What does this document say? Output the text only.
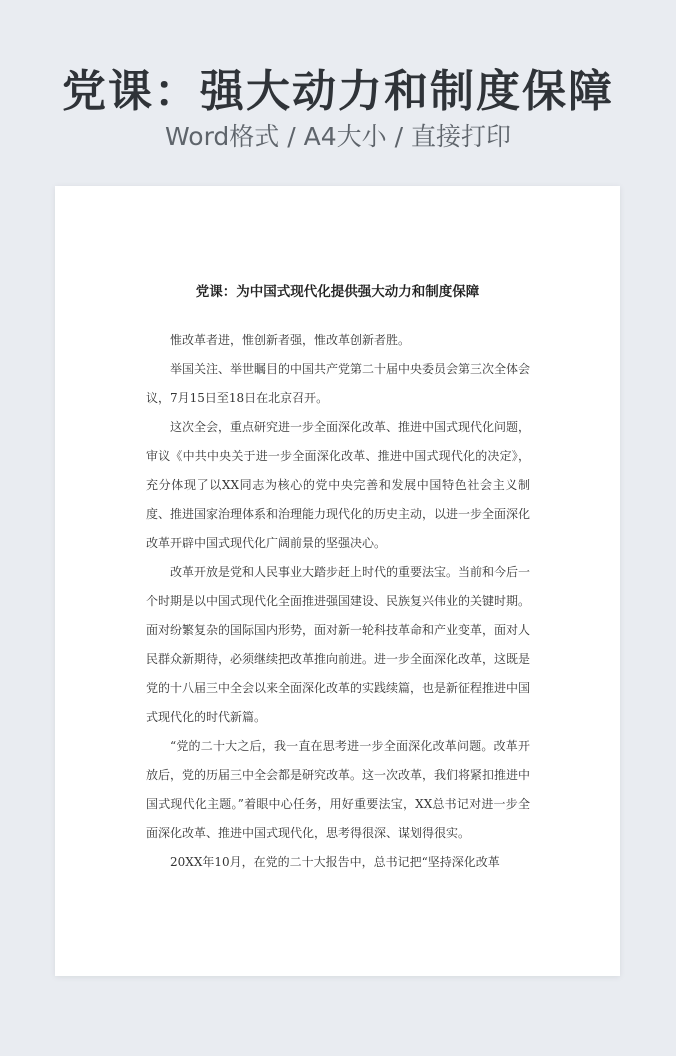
党课：强大动力和制度保障
Word格式 / A4大小 / 直接打印
党课：为中国式现代化提供强大动力和制度保障

惟改革者进，惟创新者强，惟改革创新者胜。

举国关注、举世瞩目的中国共产党第二十届中央委员会第三次全体会议，7月15日至18日在北京召开。

这次全会，重点研究进一步全面深化改革、推进中国式现代化问题，审议《中共中央关于进一步全面深化改革、推进中国式现代化的决定》，充分体现了以XX同志为核心的党中央完善和发展中国特色社会主义制度、推进国家治理体系和治理能力现代化的历史主动，以进一步全面深化改革开辟中国式现代化广阔前景的坚强决心。

改革开放是党和人民事业大踏步赶上时代的重要法宝。当前和今后一个时期是以中国式现代化全面推进强国建设、民族复兴伟业的关键时期。面对纷繁复杂的国际国内形势，面对新一轮科技革命和产业变革，面对人民群众新期待，必须继续把改革推向前进。进一步全面深化改革，这既是党的十八届三中全会以来全面深化改革的实践续篇，也是新征程推进中国式现代化的时代新篇。

“党的二十大之后，我一直在思考进一步全面深化改革问题。改革开放后，党的历届三中全会都是研究改革。这一次改革，我们将紧扣推进中国式现代化主题。”着眼中心任务，用好重要法宝，XX总书记对进一步全面深化改革、推进中国式现代化，思考得很深、谋划得很实。

20XX年10月，在党的二十大报告中，总书记把“坚持深化改革
